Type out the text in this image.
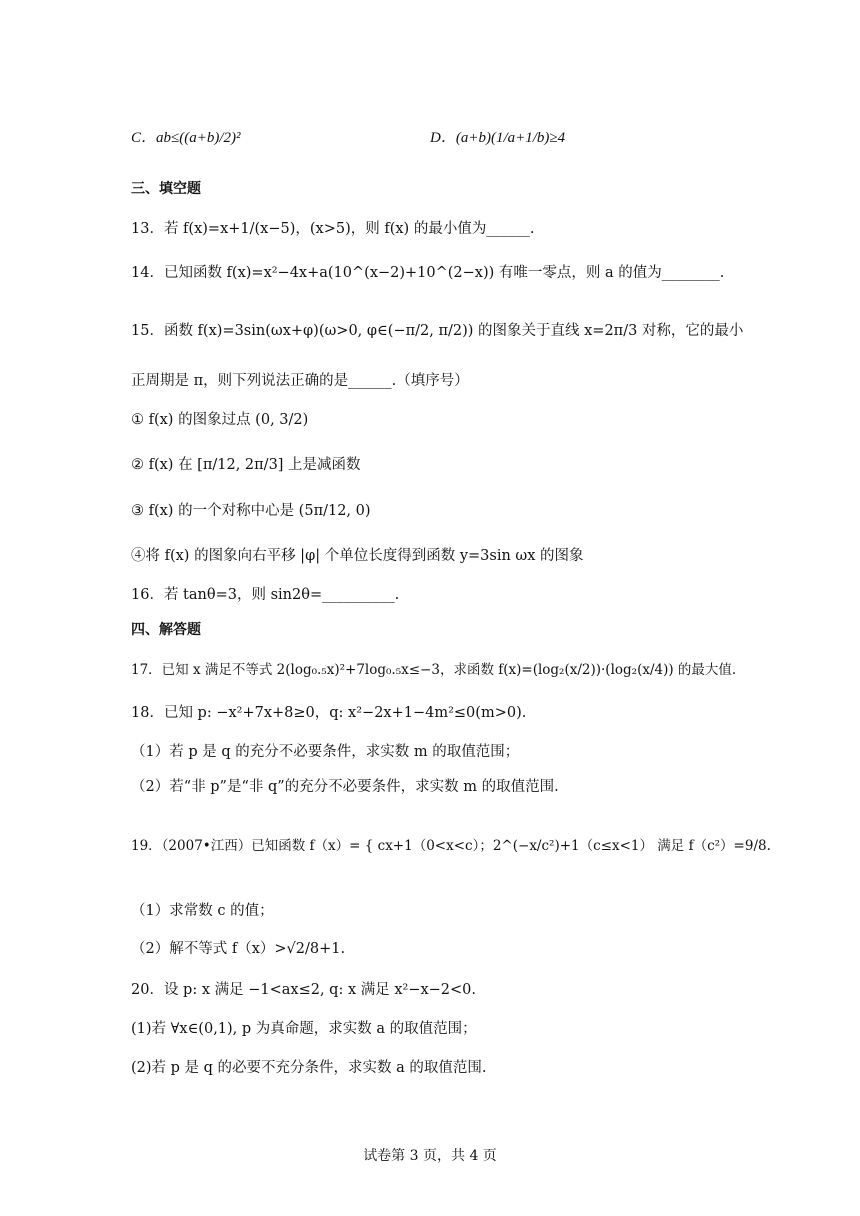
C．ab≤((a+b)/2)²	D．(a+b)(1/a+1/b)≥4
三、填空题
13．若 f(x)=x+1/(x−5)，(x>5)，则 f(x) 的最小值为______.
14．已知函数 f(x)=x²−4x+a(10^(x−2)+10^(2−x)) 有唯一零点，则 a 的值为________.
15．函数 f(x)=3sin(ωx+φ)(ω>0, φ∈(−π/2, π/2)) 的图象关于直线 x=2π/3 对称，它的最小
正周期是 π，则下列说法正确的是______.（填序号）
① f(x) 的图象过点 (0, 3/2)
② f(x) 在 [π/12, 2π/3] 上是减函数
③ f(x) 的一个对称中心是 (5π/12, 0)
④将 f(x) 的图象向右平移 |φ| 个单位长度得到函数 y=3sin ωx 的图象
16．若 tanθ=3，则 sin2θ=__________.
四、解答题
17．已知 x 满足不等式 2(log₀.₅x)²+7log₀.₅x≤−3，求函数 f(x)=(log₂(x/2))·(log₂(x/4)) 的最大值.
18．已知 p: −x²+7x+8≥0，q: x²−2x+1−4m²≤0(m>0).
（1）若 p 是 q 的充分不必要条件，求实数 m 的取值范围；
（2）若“非 p”是“非 q”的充分不必要条件，求实数 m 的取值范围.
19．（2007•江西）已知函数 f（x）= { cx+1（0<x<c）；2^(−x/c²)+1（c≤x<1） 满足 f（c²）=9/8.
（1）求常数 c 的值；
（2）解不等式 f（x）>√2/8+1.
20．设 p: x 满足 −1<ax≤2, q: x 满足 x²−x−2<0.
(1)若 ∀x∈(0,1), p 为真命题，求实数 a 的取值范围；
(2)若 p 是 q 的必要不充分条件，求实数 a 的取值范围.
试卷第 3 页，共 4 页
